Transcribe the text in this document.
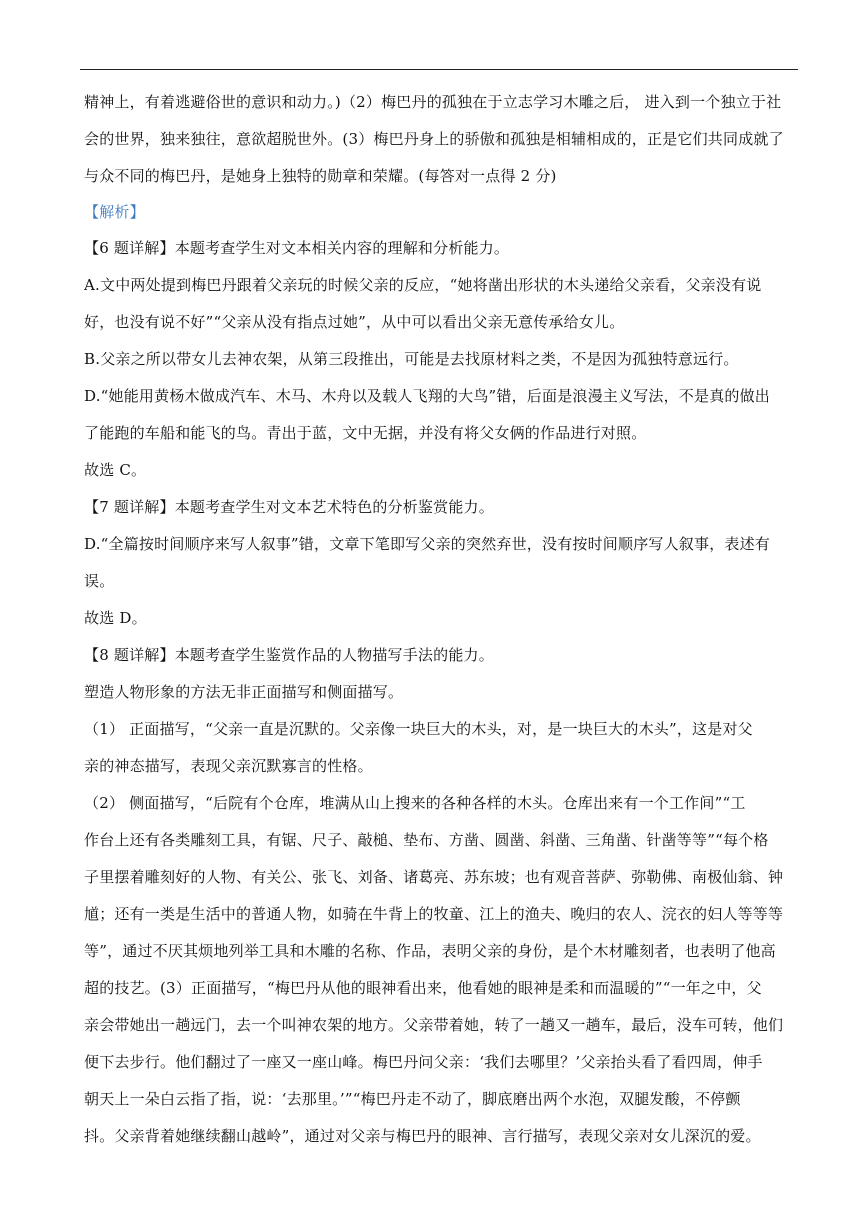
精神上，有着逃避俗世的意识和动力。)（2）梅巴丹的孤独在于立志学习木雕之后， 进入到一个独立于社
会的世界，独来独往，意欲超脱世外。(3）梅巴丹身上的骄傲和孤独是相辅相成的，正是它们共同成就了
与众不同的梅巴丹，是她身上独特的勋章和荣耀。(每答对一点得 2 分)
【解析】
【6 题详解】本题考查学生对文本相关内容的理解和分析能力。
A.文中两处提到梅巴丹跟着父亲玩的时候父亲的反应，“她将凿出形状的木头递给父亲看，父亲没有说
好，也没有说不好”“父亲从没有指点过她”，从中可以看出父亲无意传承给女儿。
B.父亲之所以带女儿去神农架，从第三段推出，可能是去找原材料之类，不是因为孤独特意远行。
D.“她能用黄杨木做成汽车、木马、木舟以及载人飞翔的大鸟”错，后面是浪漫主义写法，不是真的做出
了能跑的车船和能飞的鸟。青出于蓝，文中无据，并没有将父女俩的作品进行对照。
故选 C。
【7 题详解】本题考查学生对文本艺术特色的分析鉴赏能力。
D.“全篇按时间顺序来写人叙事”错，文章下笔即写父亲的突然弃世，没有按时间顺序写人叙事，表述有
误。
故选 D。
【8 题详解】本题考查学生鉴赏作品的人物描写手法的能力。
塑造人物形象的方法无非正面描写和侧面描写。
（1） 正面描写，“父亲一直是沉默的。父亲像一块巨大的木头，对，是一块巨大的木头”，这是对父
亲的神态描写，表现父亲沉默寡言的性格。
（2） 侧面描写，“后院有个仓库，堆满从山上搜来的各种各样的木头。仓库出来有一个工作间”“工
作台上还有各类雕刻工具，有锯、尺子、敲槌、垫布、方凿、圆凿、斜凿、三角凿、针凿等等”“每个格
子里摆着雕刻好的人物、有关公、张飞、刘备、诸葛亮、苏东坡；也有观音菩萨、弥勒佛、南极仙翁、钟
馗；还有一类是生活中的普通人物，如骑在牛背上的牧童、江上的渔夫、晚归的农人、浣衣的妇人等等等
等”，通过不厌其烦地列举工具和木雕的名称、作品，表明父亲的身份，是个木材雕刻者，也表明了他高
超的技艺。(3）正面描写，“梅巴丹从他的眼神看出来，他看她的眼神是柔和而温暖的”“一年之中，父
亲会带她出一趟远门，去一个叫神农架的地方。父亲带着她，转了一趟又一趟车，最后，没车可转，他们
便下去步行。他们翻过了一座又一座山峰。梅巴丹问父亲：‘我们去哪里？’父亲抬头看了看四周，伸手
朝天上一朵白云指了指，说：‘去那里。’”“梅巴丹走不动了，脚底磨出两个水泡，双腿发酸，不停颤
抖。父亲背着她继续翻山越岭”，通过对父亲与梅巴丹的眼神、言行描写，表现父亲对女儿深沉的爱。
